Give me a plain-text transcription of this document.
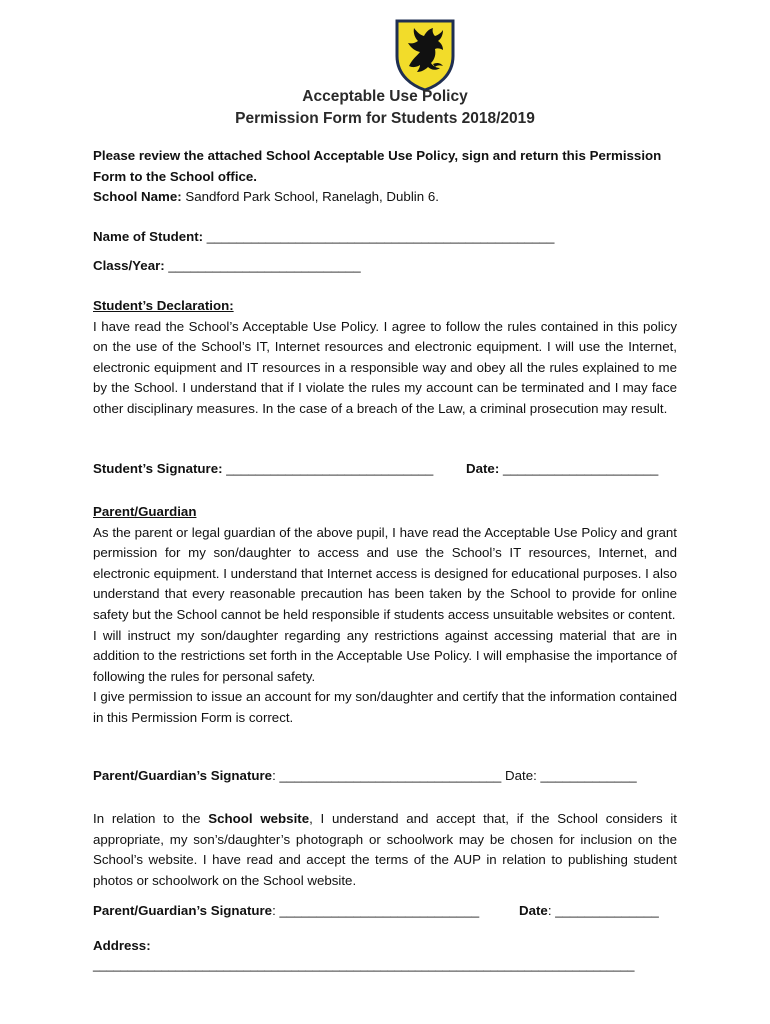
Acceptable Use Policy
Permission Form for Students 2018/2019
Please review the attached School Acceptable Use Policy, sign and return this Permission Form to the School office.
School Name: Sandford Park School, Ranelagh, Dublin 6.
Name of Student: _______________________________________________
Class/Year: __________________________
Student’s Declaration:

I have read the School’s Acceptable Use Policy. I agree to follow the rules contained in this policy on the use of the School’s IT, Internet resources and electronic equipment. I will use the Internet, electronic equipment and IT resources in a responsible way and obey all the rules explained to me by the School. I understand that if I violate the rules my account can be terminated and I may face other disciplinary measures. In the case of a breach of the Law, a criminal prosecution may result.

Student’s Signature: ____________________________ Date: _____________________
Parent/Guardian

As the parent or legal guardian of the above pupil, I have read the Acceptable Use Policy and grant permission for my son/daughter to access and use the School’s IT resources, Internet, and electronic equipment. I understand that Internet access is designed for educational purposes. I also understand that every reasonable precaution has been taken by the School to provide for online safety but the School cannot be held responsible if students access unsuitable websites or content.

I will instruct my son/daughter regarding any restrictions against accessing material that are in addition to the restrictions set forth in the Acceptable Use Policy. I will emphasise the importance of following the rules for personal safety.

I give permission to issue an account for my son/daughter and certify that the information contained in this Permission Form is correct.

Parent/Guardian’s Signature: ______________________________ Date: _____________

In relation to the School website, I understand and accept that, if the School considers it appropriate, my son’s/daughter’s photograph or schoolwork may be chosen for inclusion on the School’s website. I have read and accept the terms of the AUP in relation to publishing student photos or schoolwork on the School website.

Parent/Guardian’s Signature: ___________________________	Date: ______________
Address:
_______________________________________________________________________________
